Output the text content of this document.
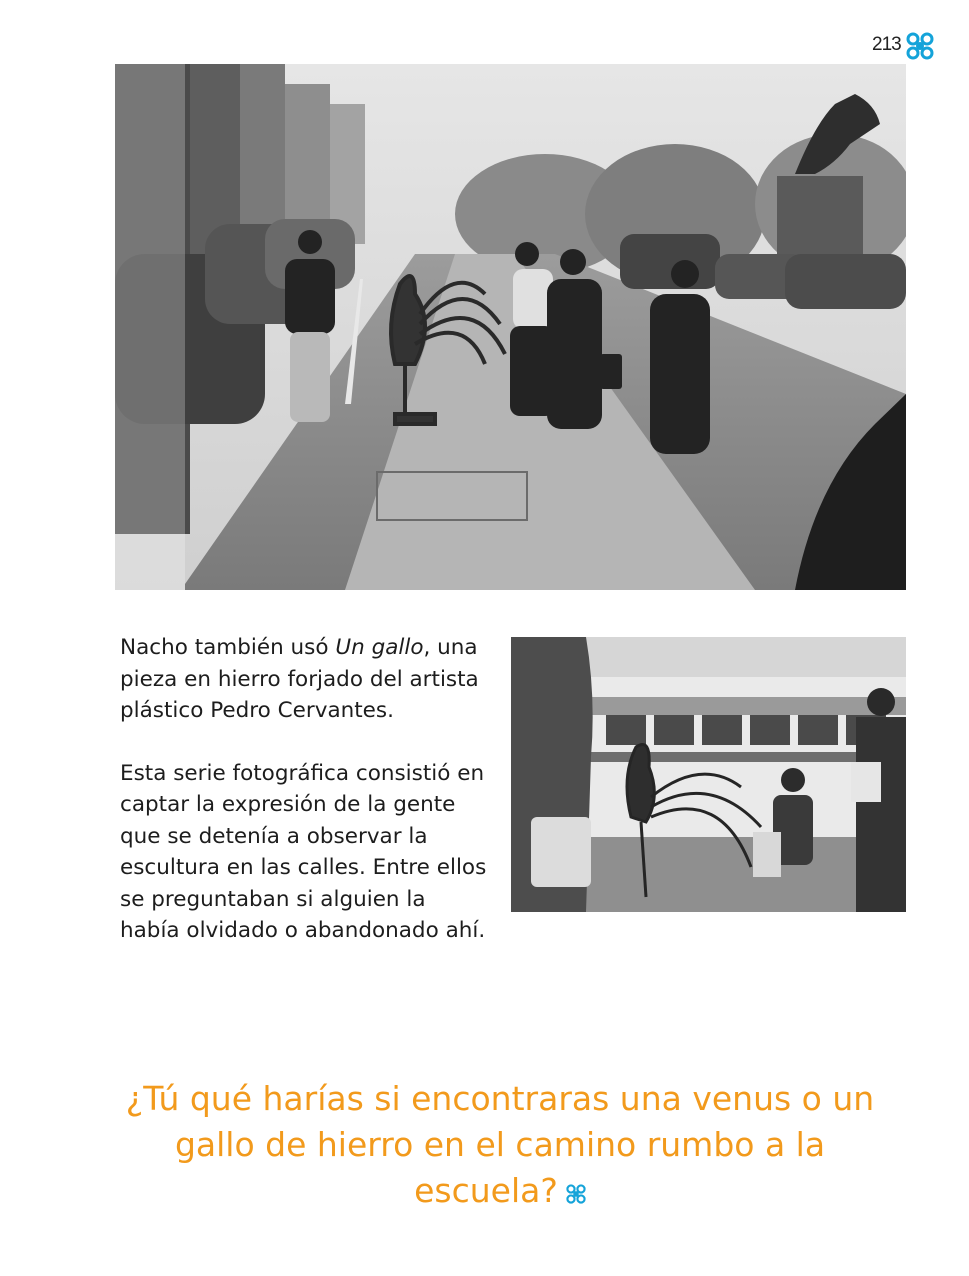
213

Nacho también usó Un gallo, una pieza en hierro forjado del artista plástico Pedro Cervantes.

Esta serie fotográfica consistió en captar la expresión de la gente que se detenía a observar la escultura en las calles. Entre ellos se preguntaban si alguien la había olvidado o abandonado ahí.

¿Tú qué harías si encontraras una venus o un gallo de hierro en el camino rumbo a la escuela?
